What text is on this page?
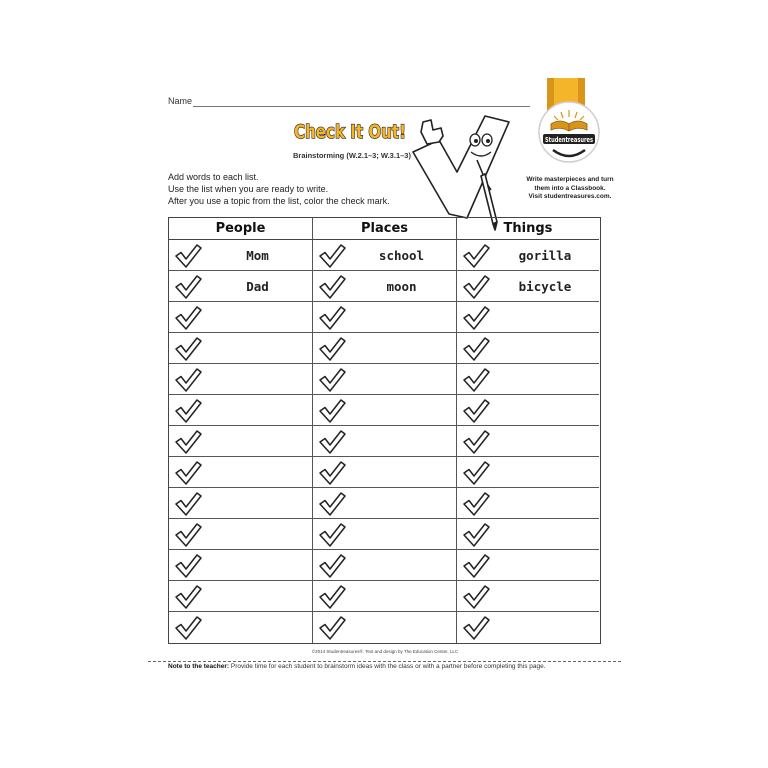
Name
Check It Out!
Brainstorming (W.2.1–3; W.3.1–3)
Add words to each list.
Use the list when you are ready to write.
After you use a topic from the list, color the check mark.
Studentreasures
Write masterpieces and turn
them into a Classbook.
Visit studentreasures.com.
People	Places	Things
Mom	school	gorilla
Dad	moon	bicycle
©2014 Studentreasures®. Text and design by The Education Center, LLC
Note to the teacher: Provide time for each student to brainstorm ideas with the class or with a partner before completing this page.
